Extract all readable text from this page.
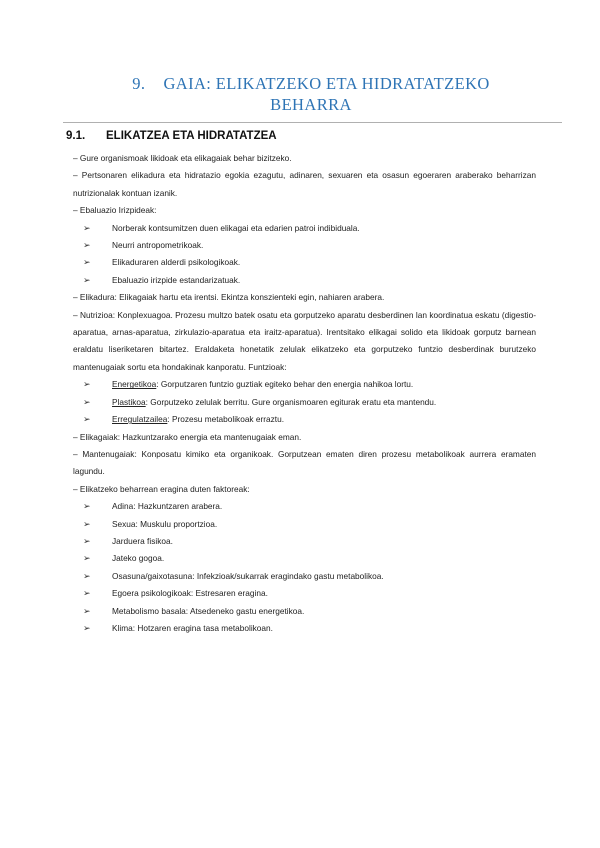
9. GAIA: ELIKATZEKO ETA HIDRATATZEKO
BEHARRA
9.1. ELIKATZEA ETA HIDRATATZEA

– Gure organismoak likidoak eta elikagaiak behar bizitzeko.

– Pertsonaren elikadura eta hidratazio egokia ezagutu, adinaren, sexuaren eta osasun egoeraren araberako beharrizan nutrizionalak kontuan izanik.

– Ebaluazio Irizpideak:

➢	Norberak kontsumitzen duen elikagai eta edarien patroi indibiduala.
➢	Neurri antropometrikoak.
➢	Elikaduraren alderdi psikologikoak.
➢	Ebaluazio irizpide estandarizatuak.

– Elikadura: Elikagaiak hartu eta irentsi. Ekintza konszienteki egin, nahiaren arabera.

– Nutrizioa: Konplexuagoa. Prozesu multzo batek osatu eta gorputzeko aparatu desberdinen lan koordinatua eskatu (digestio-aparatua, arnas-aparatua, zirkulazio-aparatua eta iraitz-aparatua). Irentsitako elikagai solido eta likidoak gorputz barnean eraldatu liseriketaren bitartez. Eraldaketa honetatik zelulak elikatzeko eta gorputzeko funtzio desberdinak burutzeko mantenugaiak sortu eta hondakinak kanporatu. Funtzioak:

➢	Energetikoa: Gorputzaren funtzio guztiak egiteko behar den energia nahikoa lortu.
➢	Plastikoa: Gorputzeko zelulak berritu. Gure organismoaren egiturak eratu eta mantendu.
➢	Erregulatzailea: Prozesu metabolikoak erraztu.

– Elikagaiak: Hazkuntzarako energia eta mantenugaiak eman.

– Mantenugaiak: Konposatu kimiko eta organikoak. Gorputzean ematen diren prozesu metabolikoak aurrera eramaten lagundu.

– Elikatzeko beharrean eragina duten faktoreak:

➢	Adina: Hazkuntzaren arabera.
➢	Sexua: Muskulu proportzioa.
➢	Jarduera fisikoa.
➢	Jateko gogoa.
➢	Osasuna/gaixotasuna: Infekzioak/sukarrak eragindako gastu metabolikoa.
➢	Egoera psikologikoak: Estresaren eragina.
➢	Metabolismo basala: Atsedeneko gastu energetikoa.
➢	Klima: Hotzaren eragina tasa metabolikoan.
